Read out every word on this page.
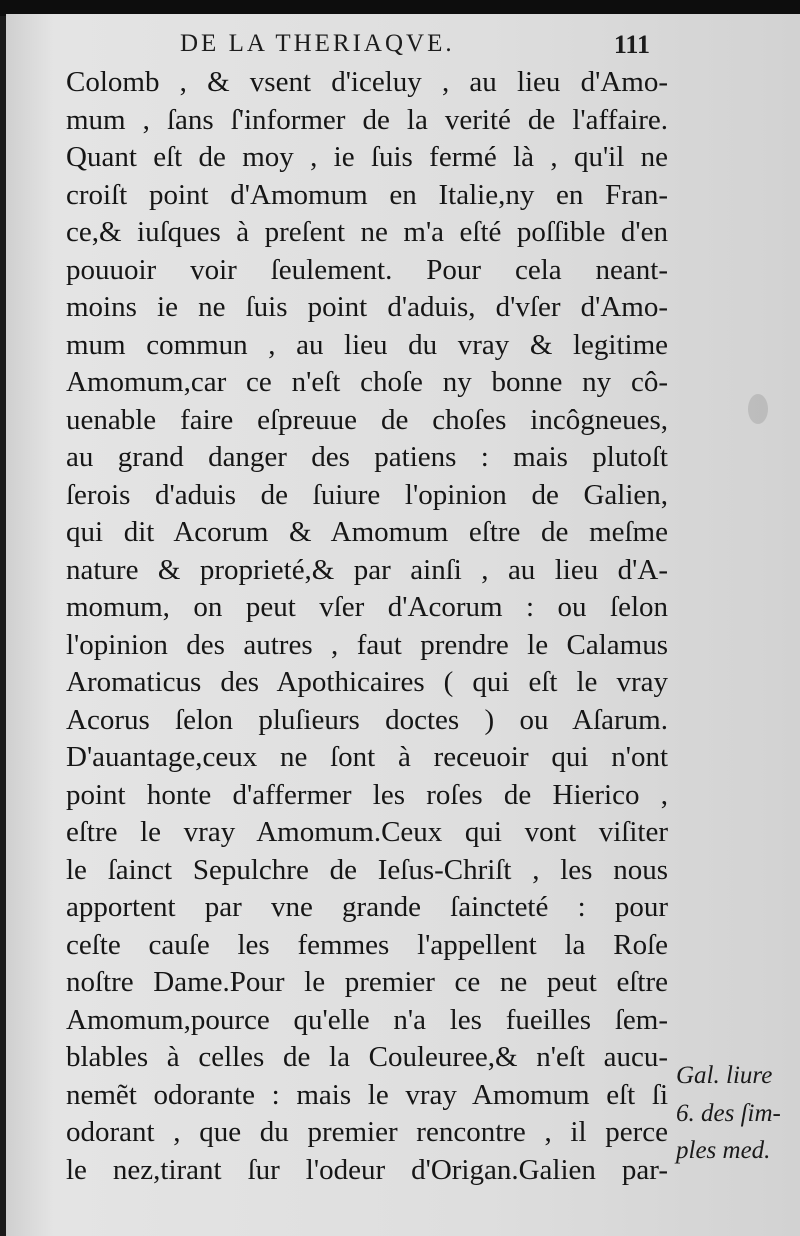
DE LA THERIAQVE.	111
Colomb , & vsent d'iceluy , au lieu d'Amo-
mum , ſans ſ'informer de la verité de l'affaire.
Quant eſt de moy , ie ſuis fermé là , qu'il ne
croiſt point d'Amomum en Italie,ny en Fran-
ce,& iuſques à preſent ne m'a eſté poſſible d'en
pouuoir voir ſeulement. Pour cela neant-
moins ie ne ſuis point d'aduis, d'vſer d'Amo-
mum commun , au lieu du vray & legitime
Amomum,car ce n'eſt choſe ny bonne ny cô-
uenable faire eſpreuue de choſes incôgneues,
au grand danger des patiens : mais plutoſt
ſerois d'aduis de ſuiure l'opinion de Galien,
qui dit Acorum & Amomum eſtre de meſme
nature & proprieté,& par ainſi , au lieu d'A-
momum, on peut vſer d'Acorum : ou ſelon
l'opinion des autres , faut prendre le Calamus
Aromaticus des Apothicaires ( qui eſt le vray
Acorus ſelon pluſieurs doctes ) ou Aſarum.
D'auantage,ceux ne ſont à receuoir qui n'ont
point honte d'affermer les roſes de Hierico ,
eſtre le vray Amomum.Ceux qui vont viſiter
le ſainct Sepulchre de Ieſus-Chriſt , les nous
apportent par vne grande ſaincteté : pour
ceſte cauſe les femmes l'appellent la Roſe
noſtre Dame.Pour le premier ce ne peut eſtre
Amomum,pource qu'elle n'a les fueilles ſem-
blables à celles de la Couleuree,& n'eſt aucu-
nemẽt odorante : mais le vray Amomum eſt ſi
odorant , que du premier rencontre , il perce
le nez,tirant ſur l'odeur d'Origan.Galien par-
Gal. liure
6. des ſim-
ples med.
